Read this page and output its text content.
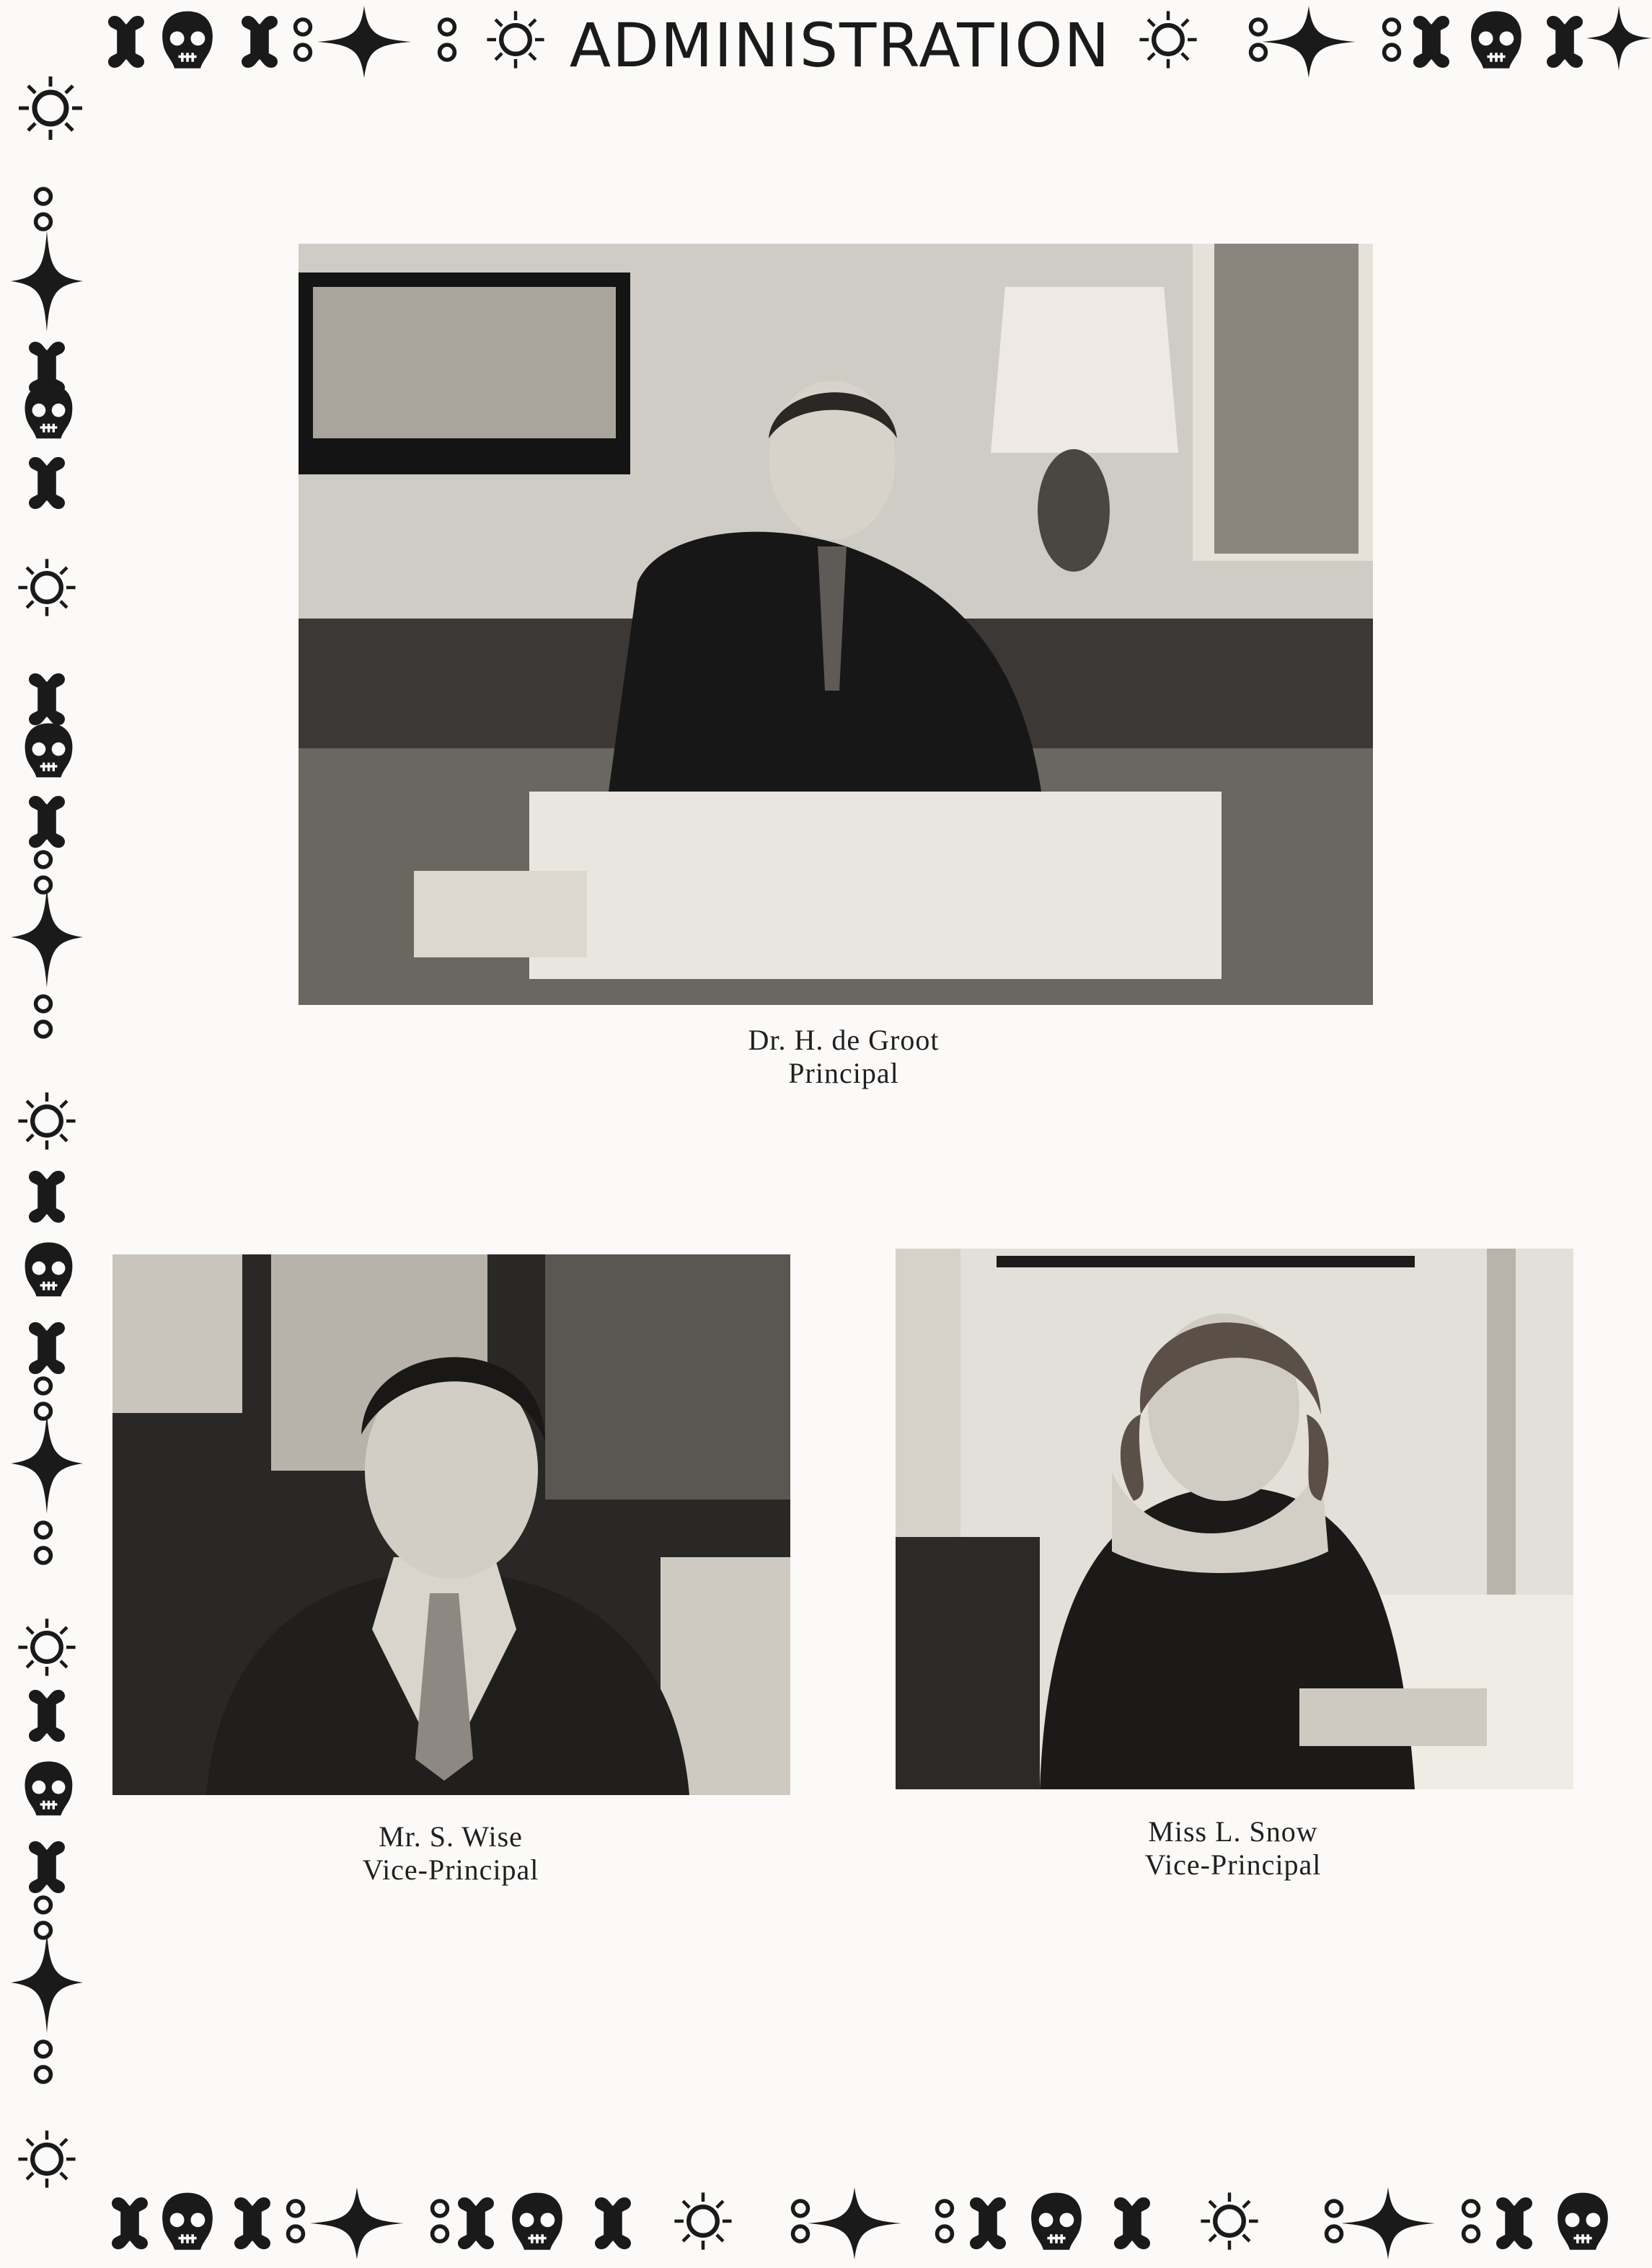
ADMINISTRATION
Dr. H. de Groot
Principal
Mr. S. Wise
Vice-Principal
Miss L. Snow
Vice-Principal
